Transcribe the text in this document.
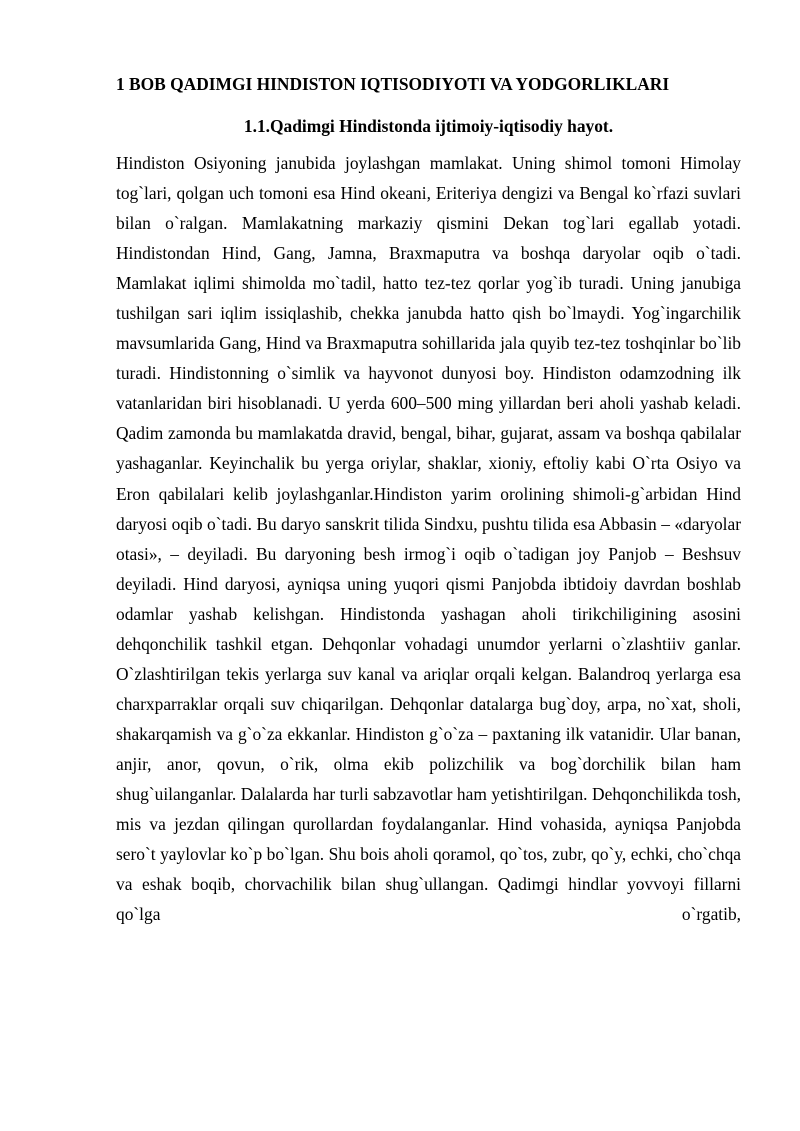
1 BOB QADIMGI HINDISTON IQTISODIYOTI VA YODGORLIKLARI
1.1.Qadimgi Hindistonda ijtimoiy-iqtisodiy hayot.

Hindiston Osiyoning janubida joylashgan mamlakat. Uning shimol tomoni Himolay tog`lari, qolgan uch tomoni esa Hind okeani, Eriteriya dengizi va Bengal ko`rfazi suvlari bilan o`ralgan. Mamlakatning markaziy qismini Dekan tog`lari egallab yotadi. Hindistondan Hind, Gang, Jamna, Braxmaputra va boshqa daryolar oqib o`tadi. Mamlakat iqlimi shimolda mo`tadil, hatto tez-tez qorlar yog`ib turadi. Uning janubiga tushilgan sari iqlim issiqlashib, chekka janubda hatto qish bo`lmaydi. Yog`ingarchilik mavsumlarida Gang, Hind va Braxmaputra sohillarida jala quyib tez-tez toshqinlar bo`lib turadi. Hindistonning o`simlik va hayvonot dunyosi boy. Hindiston odamzodning ilk vatanlaridan biri hisoblanadi. U yerda 600–500 ming yillardan beri aholi yashab keladi. Qadim zamonda bu mamlakatda dravid, bengal, bihar, gujarat, assam va boshqa qabilalar yashaganlar. Keyinchalik bu yerga oriylar, shaklar, xioniy, eftoliy kabi O`rta Osiyo va Eron qabilalari kelib joylashganlar.Hindiston yarim orolining shimoli-g`arbidan Hind daryosi oqib o`tadi. Bu daryo sanskrit tilida Sindxu, pushtu tilida esa Abbasin – «daryolar otasi», – deyiladi. Bu daryoning besh irmog`i oqib o`tadigan joy Panjob – Beshsuv deyiladi. Hind daryosi, ayniqsa uning yuqori qismi Panjobda ibtidoiy davrdan boshlab odamlar yashab kelishgan. Hindistonda yashagan aholi tirikchiligining asosini dehqonchilik tashkil etgan. Dehqonlar vohadagi unumdor yerlarni o`zlashtiiv ganlar. O`zlashtirilgan tekis yerlarga suv kanal va ariqlar orqali kelgan. Balandroq yerlarga esa charxparraklar orqali suv chiqarilgan. Dehqonlar datalarga bug`doy, arpa, no`xat, sholi, shakarqamish va g`o`za ekkanlar. Hindiston g`o`za – paxtaning ilk vatanidir. Ular banan, anjir, anor, qovun, o`rik, olma ekib polizchilik va bog`dorchilik bilan ham shug`uilanganlar. Dalalarda har turli sabzavotlar ham yetishtirilgan. Dehqonchilikda tosh, mis va jezdan qilingan qurollardan foydalanganlar. Hind vohasida, ayniqsa Panjobda sero`t yaylovlar ko`p bo`lgan. Shu bois aholi qoramol, qo`tos, zubr, qo`y, echki, cho`chqa va eshak boqib, chorvachilik bilan shug`ullangan. Qadimgi hindlar yovvoyi fillarni qo`lga o`rgatib,
